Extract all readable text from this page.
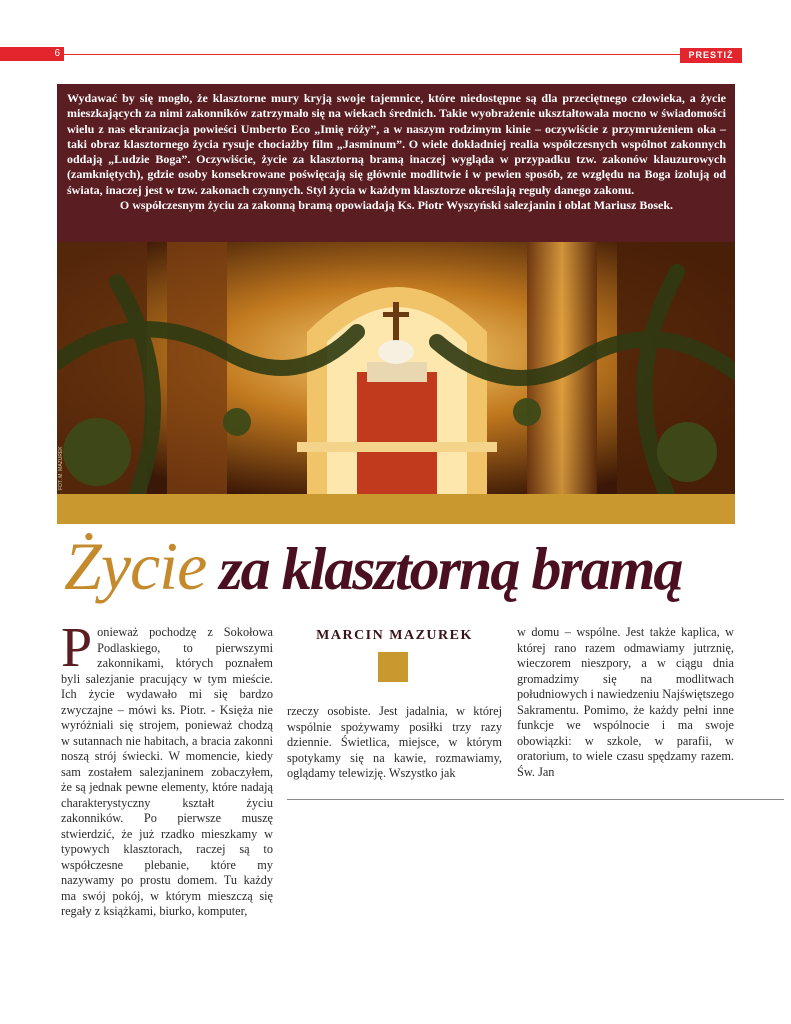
6	PRESTIŻ

Wydawać by się mogło, że klasztorne mury kryją swoje tajemnice, które niedostępne są dla przeciętnego człowieka, a życie mieszkających za nimi zakonników zatrzymało się na wiekach średnich. Takie wyobrażenie ukształtowała mocno w świadomości wielu z nas ekranizacja powieści Umberto Eco „Imię róży”, a w naszym rodzimym kinie – oczywiście z przymrużeniem oka – taki obraz klasztornego życia rysuje chociażby film „Jasminum”. O wiele dokładniej realia współczesnych wspólnot zakonnych oddają „Ludzie Boga”. Oczywiście, życie za klasztorną bramą inaczej wygląda w przypadku tzw. zakonów klauzurowych (zamkniętych), gdzie osoby konsekrowane poświęcają się głównie modlitwie i w pewien sposób, ze względu na Boga izolują od świata, inaczej jest w tzw. zakonach czynnych. Styl życia w każdym klasztorze określają reguły danego zakonu.

O współczesnym życiu za zakonną bramą opowiadają Ks. Piotr Wyszyński salezjanin i oblat Mariusz Bosek.

FOT. M. MAZUREK
Życie za klasztorną bramą
Ponieważ pochodzę z Sokołowa Podlaskiego, to pierwszymi zakonnikami, których poznałem byli salezjanie pracujący w tym mieście. Ich życie wydawało mi się bardzo zwyczajne – mówi ks. Piotr. - Księża nie wyróżniali się strojem, ponieważ chodzą w sutannach nie habitach, a bracia zakonni noszą strój świecki. W momencie, kiedy sam zostałem salezjaninem zobaczyłem, że są jednak pewne elementy, które nadają charakterystyczny kształt życiu zakonników. Po pierwsze muszę stwierdzić, że już rzadko mieszkamy w typowych klasztorach, raczej są to współczesne plebanie, które my nazywamy po prostu domem. Tu każdy ma swój pokój, w którym mieszczą się regały z książkami, biurko, komputer,
MARCIN MAZUREK
rzeczy osobiste. Jest jadalnia, w której wspólnie spożywamy posiłki trzy razy dziennie. Świetlica, miejsce, w którym spotykamy się na kawie, rozmawiamy, oglądamy telewizję. Wszystko jak
w domu – wspólne. Jest także kaplica, w której rano razem odmawiamy jutrznię, wieczorem nieszpory, a w ciągu dnia gromadzimy się na modlitwach południowych i nawiedzeniu Najświętszego Sakramentu. Pomimo, że każdy pełni inne funkcje we wspólnocie i ma swoje obowiązki: w szkole, w parafii, w oratorium, to wiele czasu spędzamy razem. Św. Jan
